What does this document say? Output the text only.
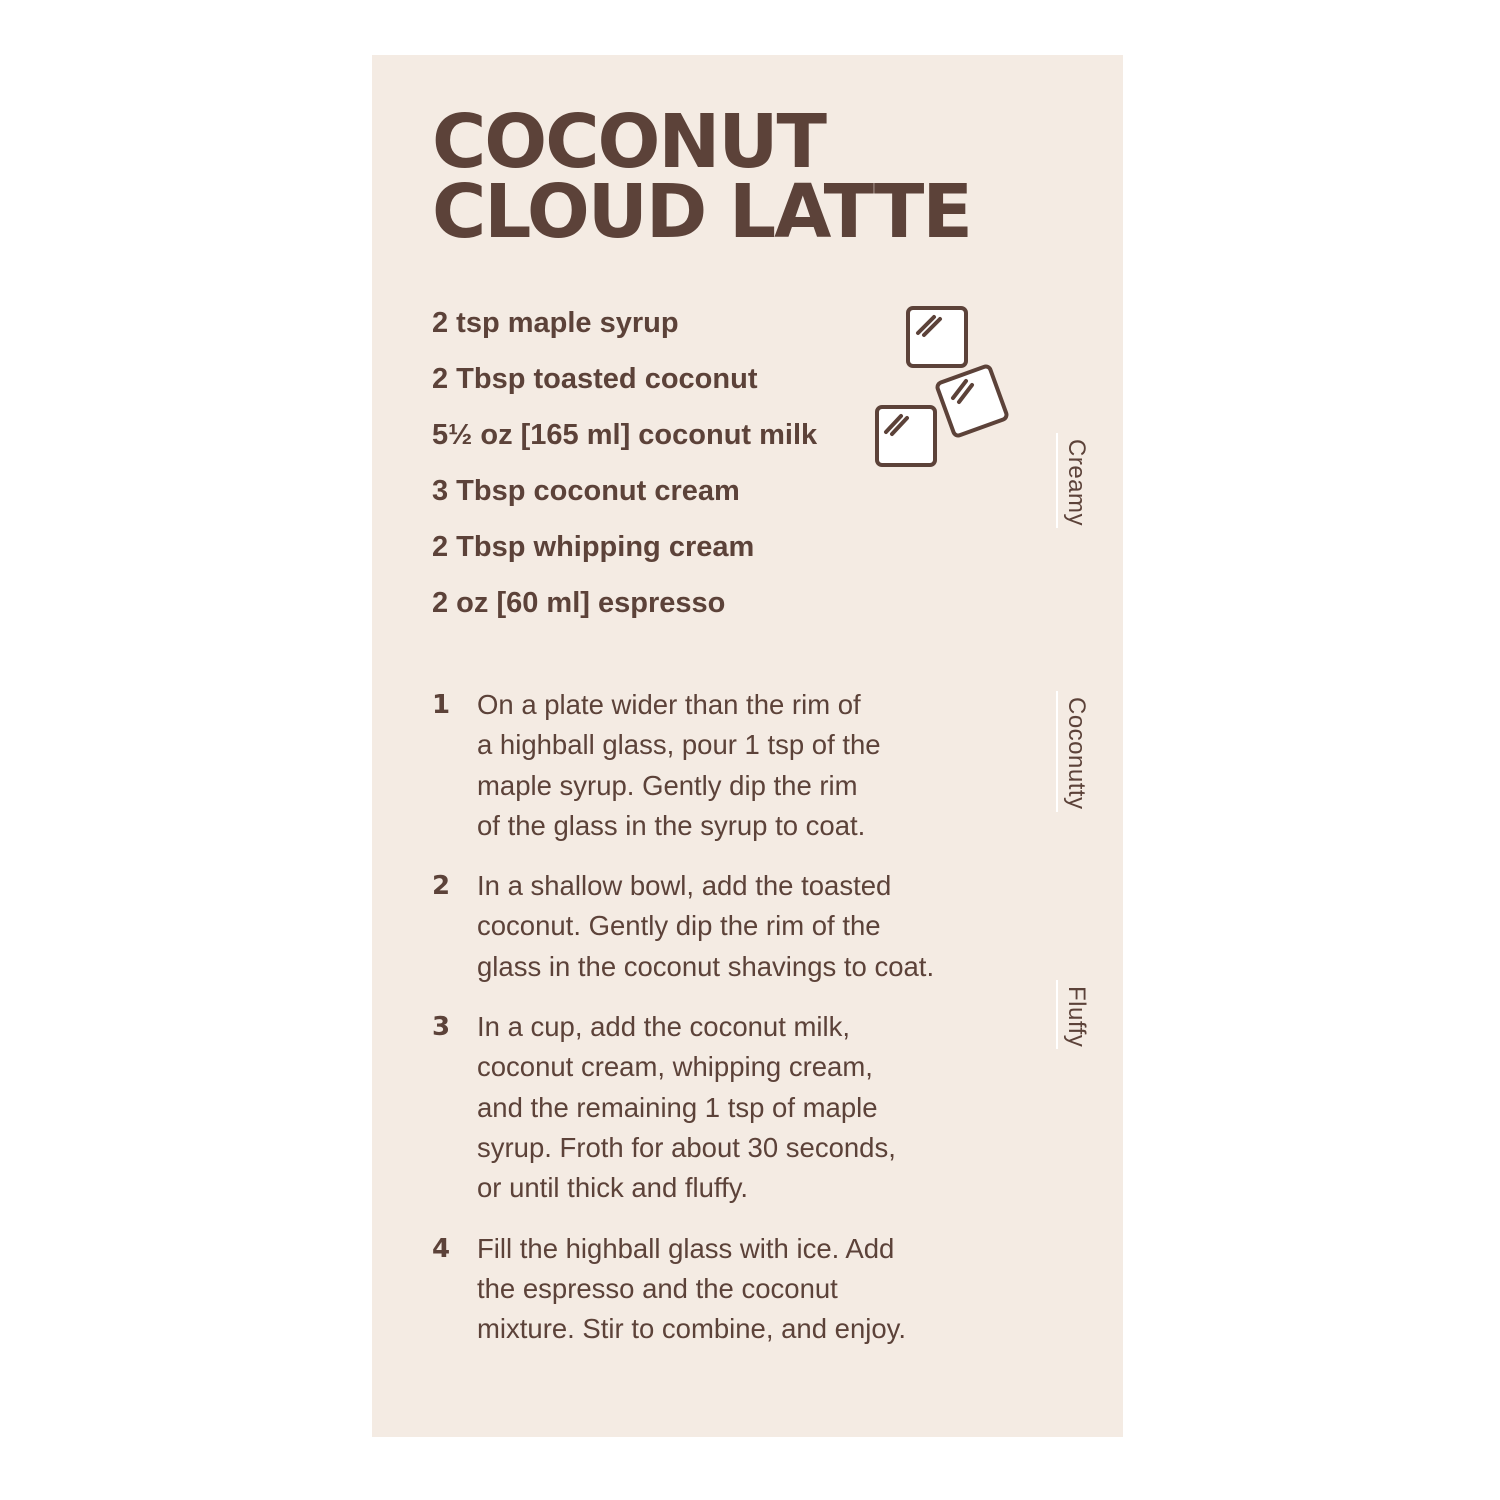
COCONUT
CLOUD LATTE
2 tsp maple syrup
2 Tbsp toasted coconut
5½ oz [165 ml] coconut milk
3 Tbsp coconut cream
2 Tbsp whipping cream
2 oz [60 ml] espresso
1 On a plate wider than the rim of
a highball glass, pour 1 tsp of the
maple syrup. Gently dip the rim
of the glass in the syrup to coat.
2 In a shallow bowl, add the toasted
coconut. Gently dip the rim of the
glass in the coconut shavings to coat.
3 In a cup, add the coconut milk,
coconut cream, whipping cream,
and the remaining 1 tsp of maple
syrup. Froth for about 30 seconds,
or until thick and fluffy.
4 Fill the highball glass with ice. Add
the espresso and the coconut
mixture. Stir to combine, and enjoy.
Creamy
Coconutty
Fluffy
